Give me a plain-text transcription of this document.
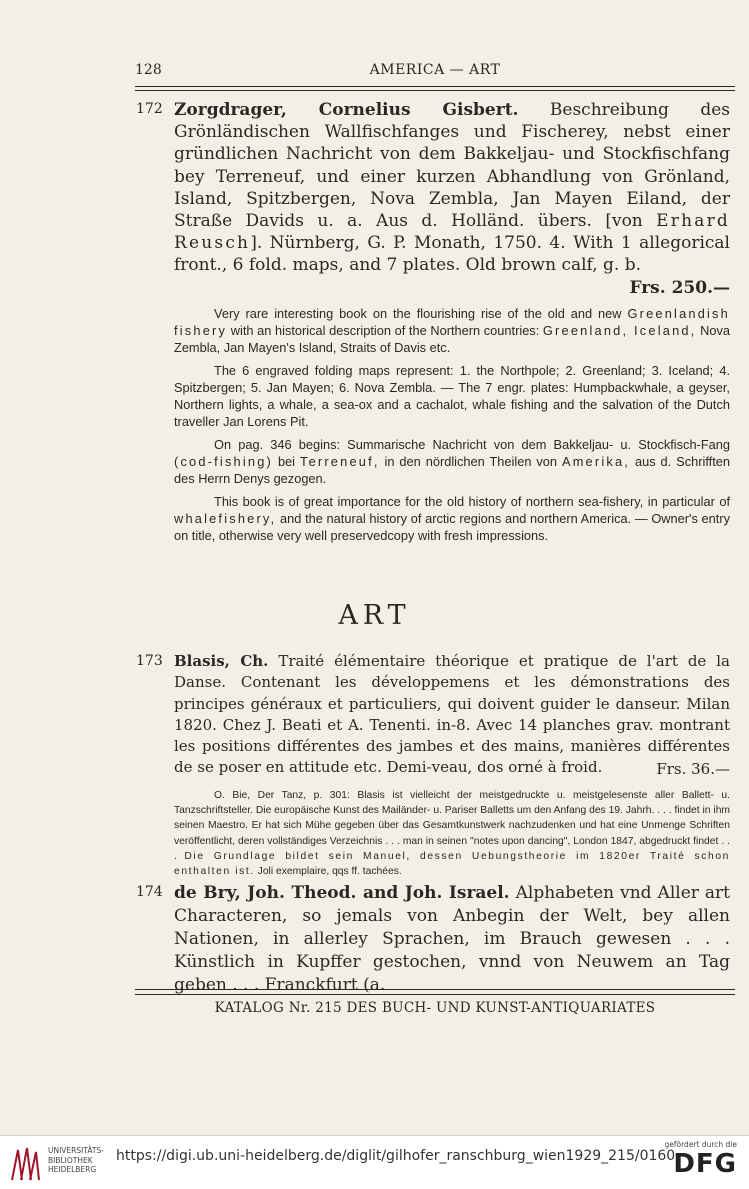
128	AMERICA — ART
172 Zorgdrager, Cornelius Gisbert. Beschreibung des Grönländischen Wallfischfanges und Fischerey, nebst einer gründlichen Nachricht von dem Bakkeljau- und Stockfischfang bey Terreneuf, und einer kurzen Abhandlung von Grönland, Island, Spitzbergen, Nova Zembla, Jan Mayen Eiland, der Straße Davids u. a. Aus d. Holländ. übers. [von Erhard Reusch]. Nürnberg, G. P. Monath, 1750. 4. With 1 allegorical front., 6 fold. maps, and 7 plates. Old brown calf, g. b.

Frs. 250.—

Very rare interesting book on the flourishing rise of the old and new Greenlandish fishery with an historical description of the Northern countries: Greenland, Iceland, Nova Zembla, Jan Mayen's Island, Straits of Davis etc.

The 6 engraved folding maps represent: 1. the Northpole; 2. Greenland; 3. Iceland; 4. Spitzbergen; 5. Jan Mayen; 6. Nova Zembla. — The 7 engr. plates: Humpbackwhale, a geyser, Northern lights, a whale, a sea-ox and a cachalot, whale fishing and the salvation of the Dutch traveller Jan Lorens Pit.

On pag. 346 begins: Summarische Nachricht von dem Bakkeljau- u. Stockfisch-Fang (cod-fishing) bei Terreneuf, in den nördlichen Theilen von Amerika, aus d. Schrifften des Herrn Denys gezogen.

This book is of great importance for the old history of northern sea-fishery, in particular of whalefishery, and the natural history of arctic regions and northern America. — Owner's entry on title, otherwise very well preservedcopy with fresh impressions.

ART
173 Blasis, Ch. Traité élémentaire théorique et pratique de l'art de la Danse. Contenant les développemens et les démonstrations des principes généraux et particuliers, qui doivent guider le danseur. Milan 1820. Chez J. Beati et A. Tenenti. in-8. Avec 14 planches grav. montrant les positions différentes des jambes et des mains, manières différentes de se poser en attitude etc. Demi-veau, dos orné à froid.	Frs. 36.—

O. Bie, Der Tanz, p. 301: Blasis ist vielleicht der meistgedruckte u. meistgelesenste aller Ballett- u. Tanzschriftsteller. Die europäische Kunst des Mailänder- u. Pariser Balletts um den Anfang des 19. Jahrh. . . . findet in ihm seinen Maestro. Er hat sich Mühe gegeben über das Gesamtkunstwerk nachzudenken und hat eine Unmenge Schriften veröffentlicht, deren vollständiges Verzeichnis . . . man in seinen "notes upon dancing", London 1847, abgedruckt findet . . . Die Grundlage bildet sein Manuel, dessen Uebungstheorie im 1820er Traité schon enthalten ist. Joli exemplaire, qqs ff. tachées.

174 de Bry, Joh. Theod. and Joh. Israel. Alphabeten vnd Aller art Characteren, so jemals von Anbegin der Welt, bey allen Nationen, in allerley Sprachen, im Brauch gewesen . . . Künstlich in Kupffer gestochen, vnnd von Neuwem an Tag geben . . . Franckfurt (a.

KATALOG Nr. 215 DES BUCH- UND KUNST-ANTIQUARIATES
UNIVERSITÄTS-
BIBLIOTHEK
HEIDELBERG
https://digi.ub.uni-heidelberg.de/diglit/gilhofer_ranschburg_wien1929_215/0160
gefördert durch die
DFG
